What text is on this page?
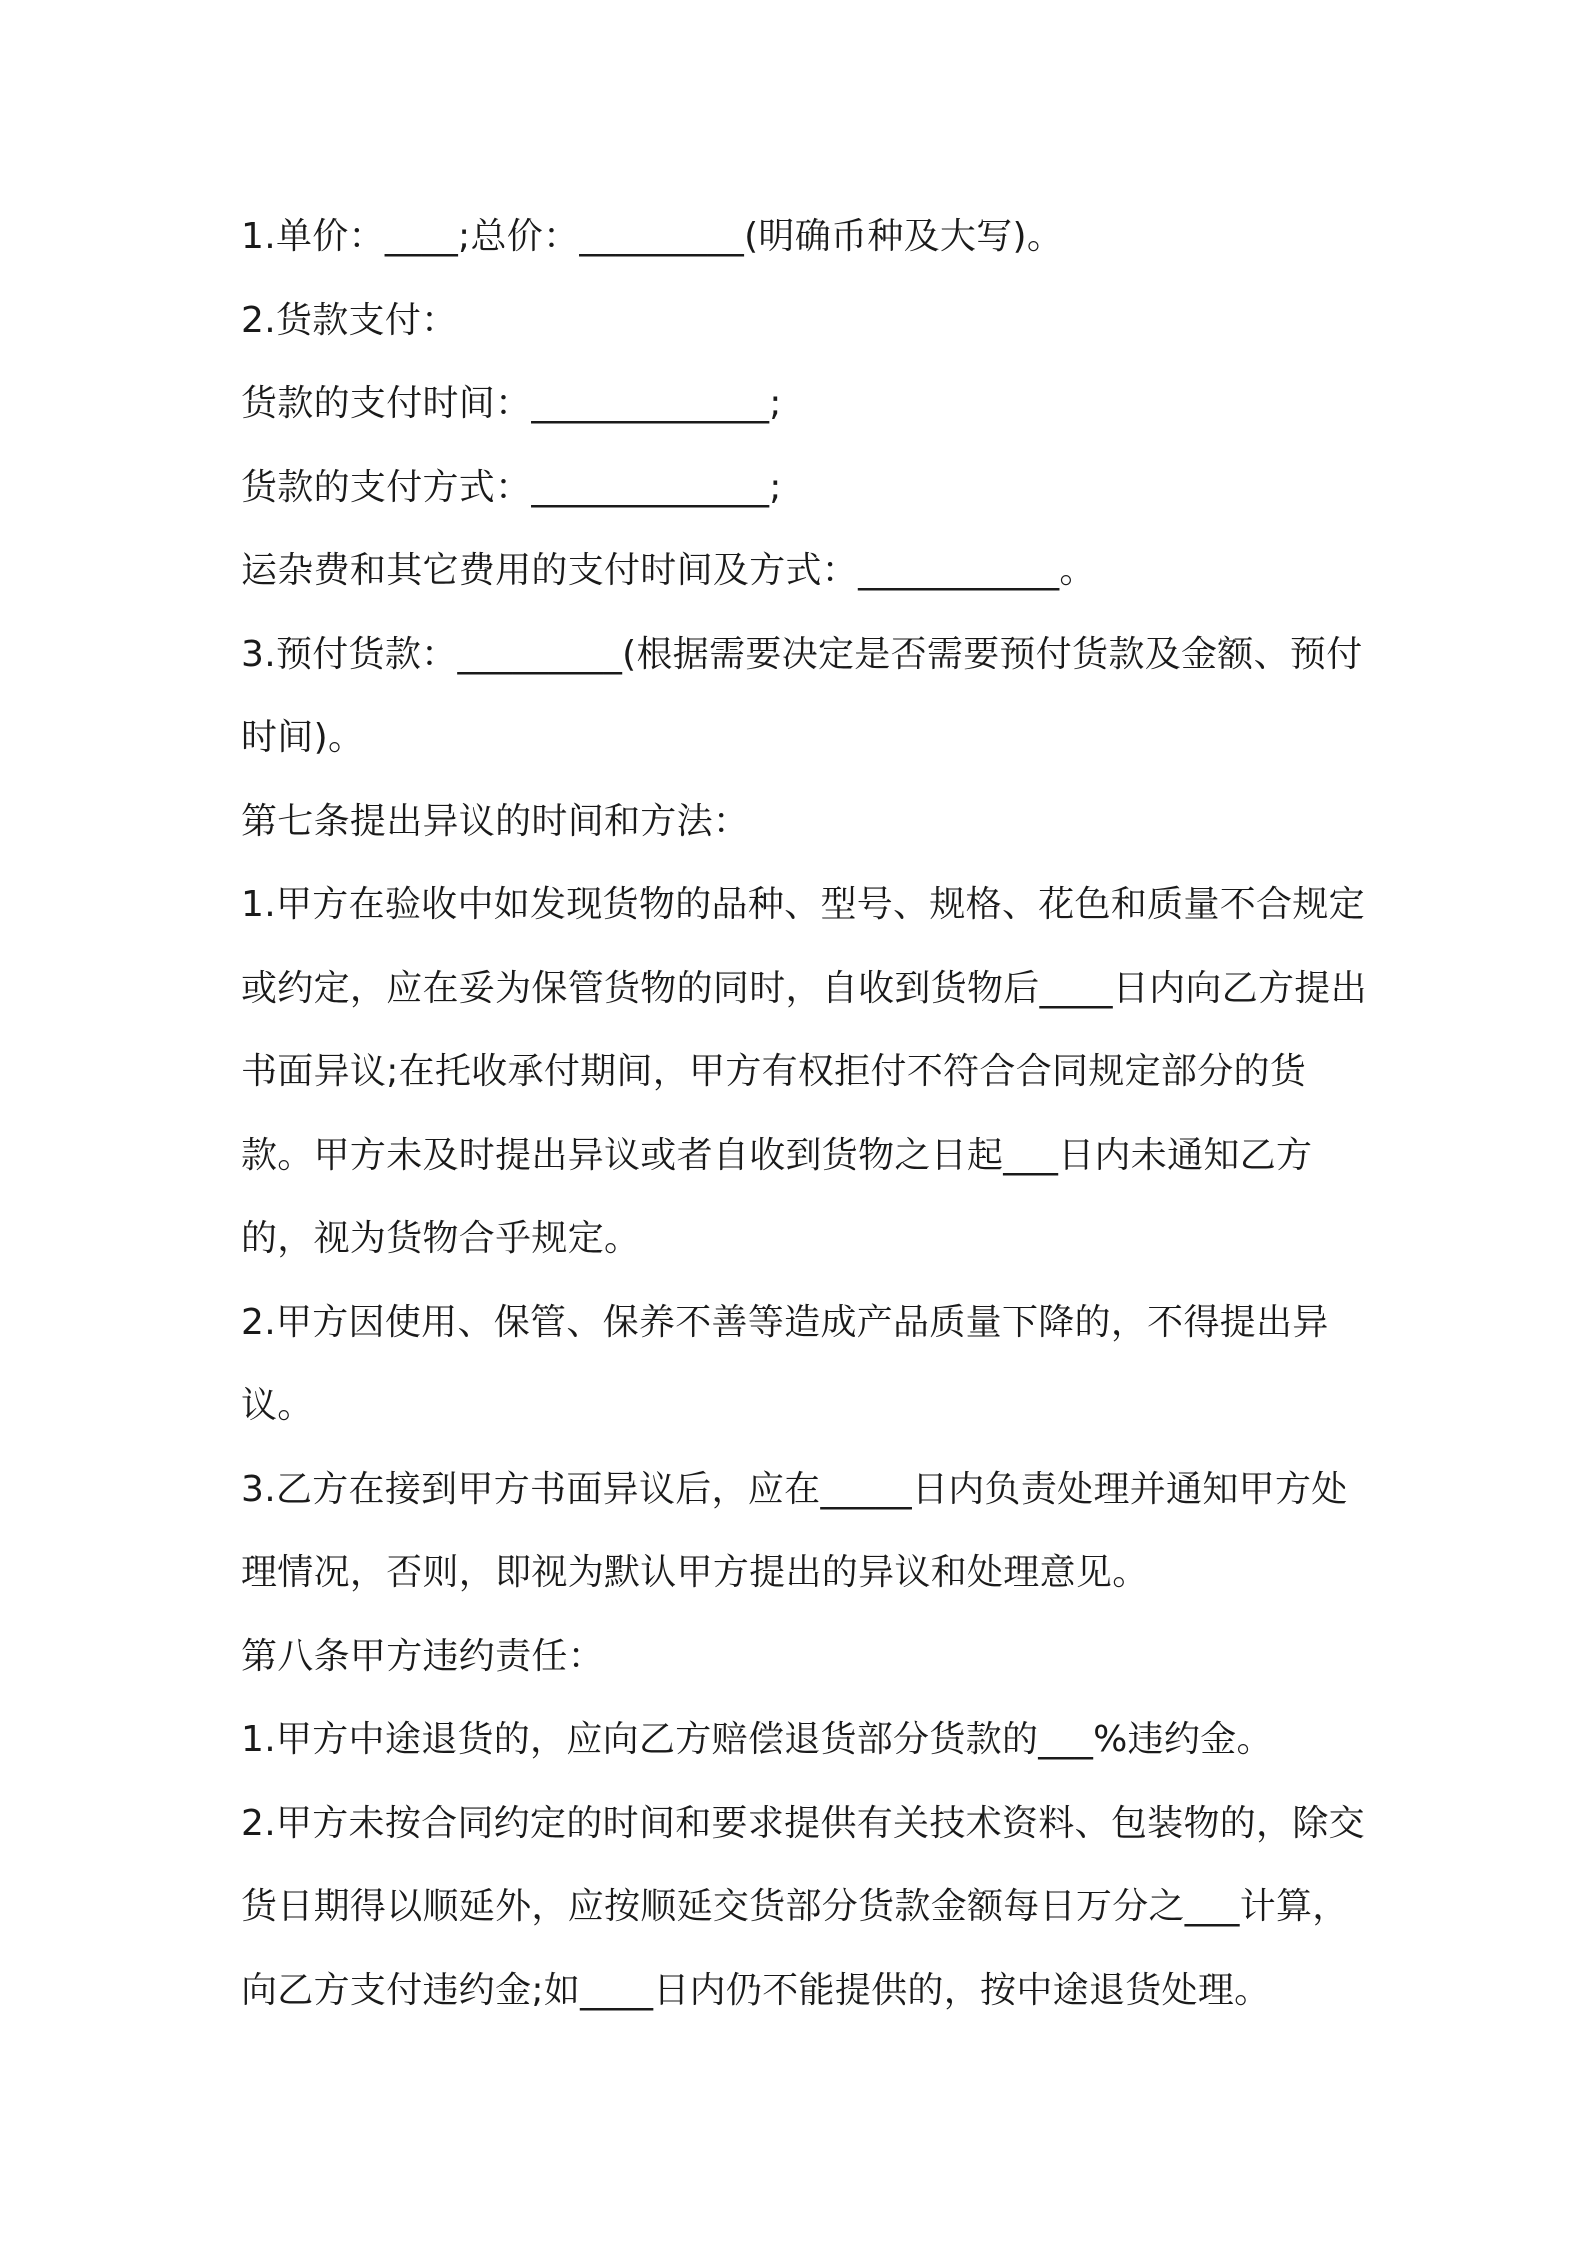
1.单价：____;总价：_________(明确币种及大写)。

2.货款支付：

货款的支付时间：_____________;

货款的支付方式：_____________;

运杂费和其它费用的支付时间及方式：___________。

3.预付货款：_________(根据需要决定是否需要预付货款及金额、预付时间)。

第七条提出异议的时间和方法：

1.甲方在验收中如发现货物的品种、型号、规格、花色和质量不合规定或约定，应在妥为保管货物的同时，自收到货物后____日内向乙方提出书面异议;在托收承付期间，甲方有权拒付不符合合同规定部分的货款。甲方未及时提出异议或者自收到货物之日起___日内未通知乙方的，视为货物合乎规定。

2.甲方因使用、保管、保养不善等造成产品质量下降的，不得提出异议。

3.乙方在接到甲方书面异议后，应在_____日内负责处理并通知甲方处理情况，否则，即视为默认甲方提出的异议和处理意见。

第八条甲方违约责任：

1.甲方中途退货的，应向乙方赔偿退货部分货款的___%违约金。

2.甲方未按合同约定的时间和要求提供有关技术资料、包装物的，除交货日期得以顺延外，应按顺延交货部分货款金额每日万分之___计算，向乙方支付违约金;如____日内仍不能提供的，按中途退货处理。
